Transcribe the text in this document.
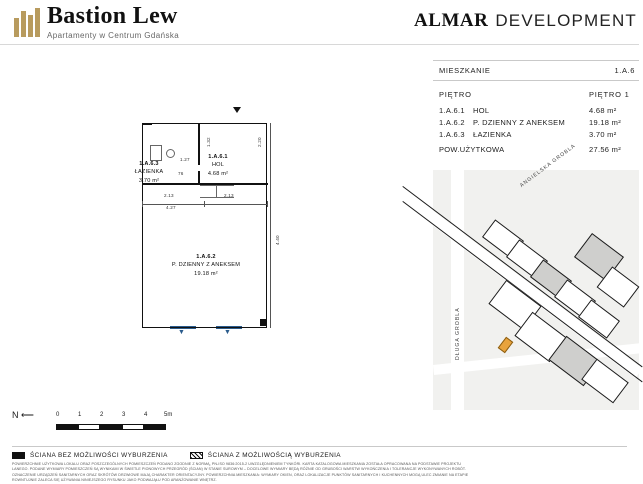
Bastion Lew
Apartamenty w Centrum Gdańska
ALMAR DEVELOPMENT
MIESZKANIE	1.A.6
PIĘTRO	PIĘTRO 1
1.A.6.1	HOL	4.68 m²
1.A.6.2	P. DZIENNY Z ANEKSEM	19.18 m²
1.A.6.3	ŁAZIENKA	3.70 m²
POW.UŻYTKOWA	27.56 m²
1.A.6.3
ŁAZIENKA
3.70 m²
1.A.6.1
HOL
4.68 m²
1.A.6.2
P. DZIENNY Z ANEKSEM
19.18 m²
1.27
1.32	2.20
76
2.13	2.13
4.27
4.40
▼	▼
ANGIELSKA GROBLA
DŁUGA GROBLA
N ⟵	0	1	2	3	4	5m
ŚCIANA BEZ MOŻLIWOŚCI WYBURZENIA	ŚCIANA Z MOŻLIWOŚCIĄ WYBURZENIA

POWIERZCHNIE UŻYTKOWA LOKALU ORAZ POSZCZEGÓLNYCH POMIESZCZEŃ PODANO ZGODNIE Z NORMĄ, PN-ISO 9836:2015-2 UWZGLĘDNIENIEM TYNKÓRI. KARTA KATALOGOWA MIESZKANIA ZOSTAŁA OPRACOWANA NA PODSTAWIE PROJEKTU

LANEGO. PODANE WYMIARY POMIESZCZEŃ SĄ WYNIKAMI W ŚWIETLE PIONOWYCH PRZEGRÓD (ŚCIAN) W STANIE SUROWYM – DOCELOWE WYMIARY BĘDĄ RÓŻNIE OD GRUBOŚCI WARSTW WYKOŃCZENIA I TOLERANCJE WYKONYWANYCH ROBÓT.

OZNACZENIE URZĄDZEŃ SANITARNYCH ORAZ SKRÓTÓW DRZWIOWE MAJĄ CHARAKTER ORIENTACYJNY. POWIERZCHNIA MIESZKANIA: WYMIARY OKIEN, ORAZ LOKALIZACJE PUNKTÓW SANITARNYCH I KUCHENNYCH MOGĄ ULEC ZMIANIE NA ETAPIE

ROWNTUJNIE ZALECA SIĘ UŻYWANIA NINIEJSZEGO RYSUNKU JAKO PODWAJĄŁU POD ARANŻOWANIE WNĘTRZ.
